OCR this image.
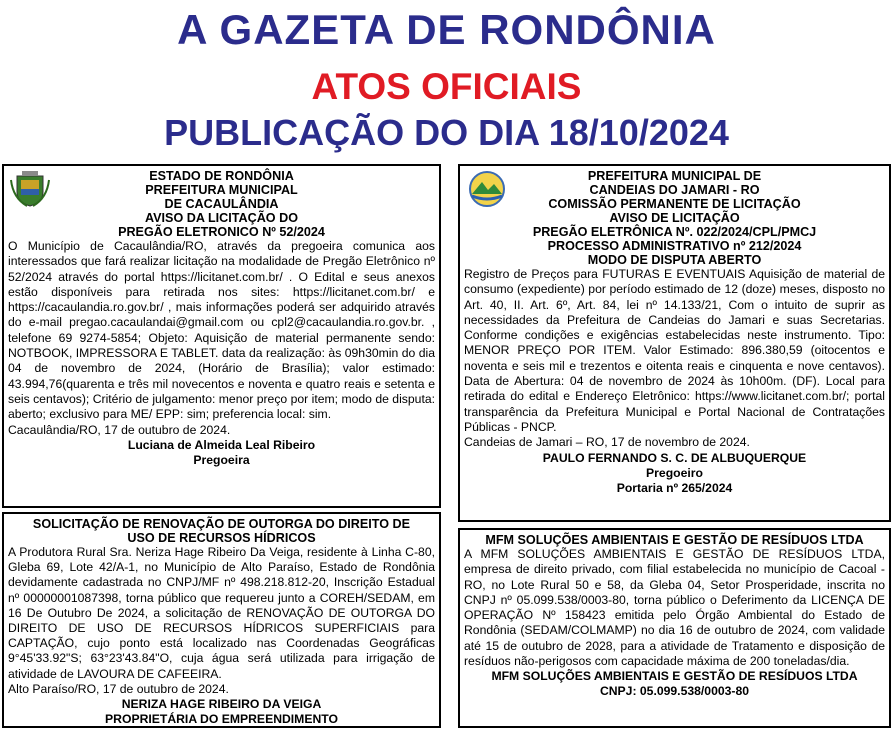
A GAZETA DE RONDÔNIA
ATOS OFICIAIS
PUBLICAÇÃO DO DIA 18/10/2024
ESTADO DE RONDÔNIA
PREFEITURA MUNICIPAL
DE CACAULÂNDIA
AVISO DA LICITAÇÃO DO
PREGÃO ELETRONICO Nº 52/2024
O Município de Cacaulândia/RO, através da pregoeira comunica aos interessados que fará realizar licitação na modalidade de Pregão Eletrônico nº 52/2024 através do portal https://licitanet.com.br/ . O Edital e seus anexos estão disponíveis para retirada nos sites: https://licitanet.com.br/ e https://cacaulandia.ro.gov.br/ , mais informações poderá ser adquirido através do e-mail pregao.cacaulandai@gmail.com ou cpl2@cacaulandia.ro.gov.br. , telefone 69 9274-5854; Objeto: Aquisição de material permanente sendo: NOTBOOK, IMPRESSORA E TABLET. data da realização: às 09h30min do dia 04 de novembro de 2024, (Horário de Brasília); valor estimado: 43.994,76(quarenta e três mil novecentos e noventa e quatro reais e setenta e seis centavos); Critério de julgamento: menor preço por item; modo de disputa: aberto; exclusivo para ME/ EPP: sim; preferencia local: sim.
Cacaulândia/RO, 17 de outubro de 2024.
Luciana de Almeida Leal Ribeiro
Pregoeira
PREFEITURA MUNICIPAL DE
CANDEIAS DO JAMARI - RO
COMISSÃO PERMANENTE DE LICITAÇÃO
AVISO DE LICITAÇÃO
PREGÃO ELETRÔNICA Nº. 022/2024/CPL/PMCJ
PROCESSO ADMINISTRATIVO nº 212/2024
MODO DE DISPUTA ABERTO
Registro de Preços para FUTURAS E EVENTUAIS Aquisição de material de consumo (expediente) por período estimado de 12 (doze) meses, disposto no Art. 40, II. Art. 6º, Art. 84, lei nº 14.133/21, Com o intuito de suprir as necessidades da Prefeitura de Candeias do Jamari e suas Secretarias. Conforme condições e exigências estabelecidas neste instrumento. Tipo: MENOR PREÇO POR ITEM. Valor Estimado: 896.380,59 (oitocentos e noventa e seis mil e trezentos e oitenta reais e cinquenta e nove centavos). Data de Abertura: 04 de novembro de 2024 às 10h00m. (DF). Local para retirada do edital e Endereço Eletrônico: https://www.licitanet.com.br/; portal transparência da Prefeitura Municipal e Portal Nacional de Contratações Públicas - PNCP.
Candeias de Jamari – RO, 17 de novembro de 2024.
PAULO FERNANDO S. C. DE ALBUQUERQUE
Pregoeiro
Portaria nº 265/2024
SOLICITAÇÃO DE RENOVAÇÃO DE OUTORGA DO DIREITO DE
USO DE RECURSOS HÍDRICOS
A Produtora Rural Sra. Neriza Hage Ribeiro Da Veiga, residente à Linha C-80, Gleba 69, Lote 42/A-1, no Município de Alto Paraíso, Estado de Rondônia devidamente cadastrada no CNPJ/MF nº 498.218.812-20, Inscrição Estadual nº 00000001087398, torna público que requereu junto a COREH/SEDAM, em 16 De Outubro De 2024, a solicitação de RENOVAÇÃO DE OUTORGA DO DIREITO DE USO DE RECURSOS HÍDRICOS SUPERFICIAIS para CAPTAÇÃO, cujo ponto está localizado nas Coordenadas Geográficas 9°45'33.92"S; 63°23'43.84"O, cuja água será utilizada para irrigação de atividade de LAVOURA DE CAFEEIRA.
Alto Paraíso/RO, 17 de outubro de 2024.
NERIZA HAGE RIBEIRO DA VEIGA
PROPRIETÁRIA DO EMPREENDIMENTO
MFM SOLUÇÕES AMBIENTAIS E GESTÃO DE RESÍDUOS LTDA
A MFM SOLUÇÕES AMBIENTAIS E GESTÃO DE RESÍDUOS LTDA, empresa de direito privado, com filial estabelecida no município de Cacoal - RO, no Lote Rural 50 e 58, da Gleba 04, Setor Prosperidade, inscrita no CNPJ nº 05.099.538/0003-80, torna público o Deferimento da LICENÇA DE OPERAÇÃO Nº 158423 emitida pelo Órgão Ambiental do Estado de Rondônia (SEDAM/COLMAMP) no dia 16 de outubro de 2024, com validade até 15 de outubro de 2028, para a atividade de Tratamento e disposição de resíduos não-perigosos com capacidade máxima de 200 toneladas/dia.
MFM SOLUÇÕES AMBIENTAIS E GESTÃO DE RESÍDUOS LTDA
CNPJ: 05.099.538/0003-80
